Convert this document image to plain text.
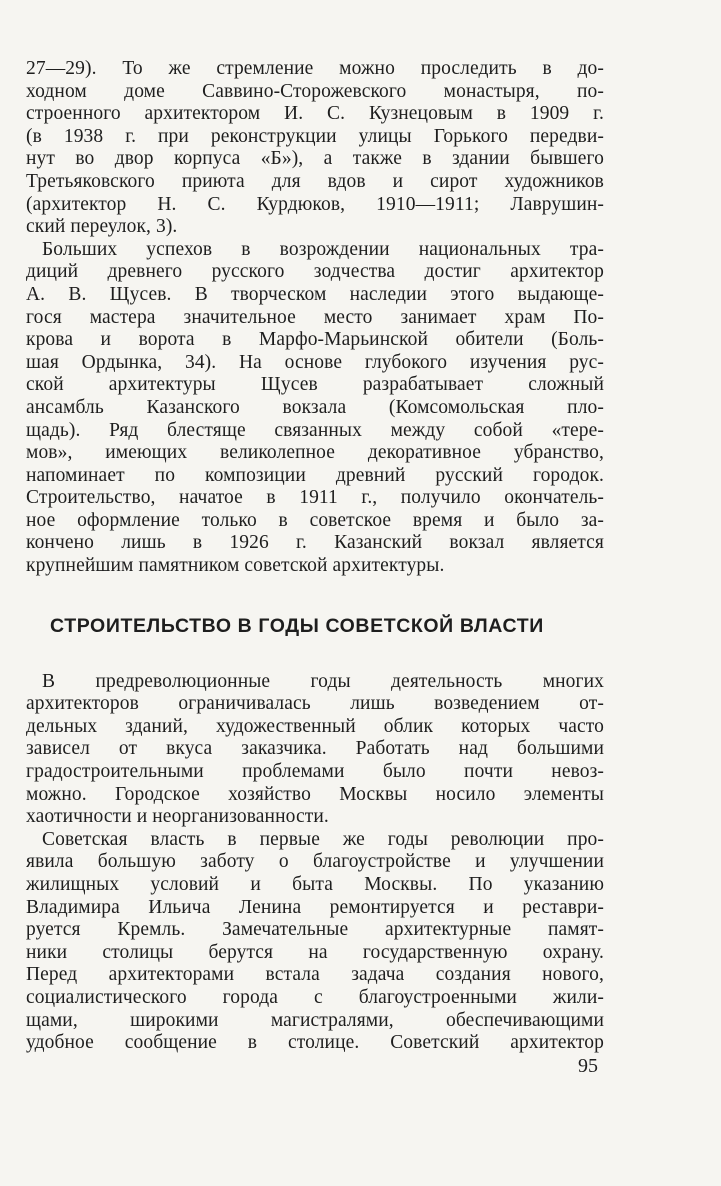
27—29). То же стремление можно проследить в до-
ходном доме Саввино-Сторожевского монастыря, по-
строенного архитектором И. С. Кузнецовым в 1909 г.
(в 1938 г. при реконструкции улицы Горького передви-
нут во двор корпуса «Б»), а также в здании бывшего
Третьяковского приюта для вдов и сирот художников
(архитектор Н. С. Курдюков, 1910—1911; Лаврушин-
ский переулок, 3).
Больших успехов в возрождении национальных тра-
диций древнего русского зодчества достиг архитектор
А. В. Щусев. В творческом наследии этого выдающе-
гося мастера значительное место занимает храм По-
крова и ворота в Марфо-Марьинской обители (Боль-
шая Ордынка, 34). На основе глубокого изучения рус-
ской архитектуры Щусев разрабатывает сложный
ансамбль Казанского вокзала (Комсомольская пло-
щадь). Ряд блестяще связанных между собой «тере-
мов», имеющих великолепное декоративное убранство,
напоминает по композиции древний русский городок.
Строительство, начатое в 1911 г., получило окончатель-
ное оформление только в советское время и было за-
кончено лишь в 1926 г. Казанский вокзал является
крупнейшим памятником советской архитектуры.
СТРОИТЕЛЬСТВО В ГОДЫ СОВЕТСКОЙ ВЛАСТИ
В предреволюционные годы деятельность многих
архитекторов ограничивалась лишь возведением от-
дельных зданий, художественный облик которых часто
зависел от вкуса заказчика. Работать над большими
градостроительными проблемами было почти невоз-
можно. Городское хозяйство Москвы носило элементы
хаотичности и неорганизованности.
Советская власть в первые же годы революции про-
явила большую заботу о благоустройстве и улучшении
жилищных условий и быта Москвы. По указанию
Владимира Ильича Ленина ремонтируется и реставри-
руется Кремль. Замечательные архитектурные памят-
ники столицы берутся на государственную охрану.
Перед архитекторами встала задача создания нового,
социалистического города с благоустроенными жили-
щами, широкими магистралями, обеспечивающими
удобное сообщение в столице. Советский архитектор
95
